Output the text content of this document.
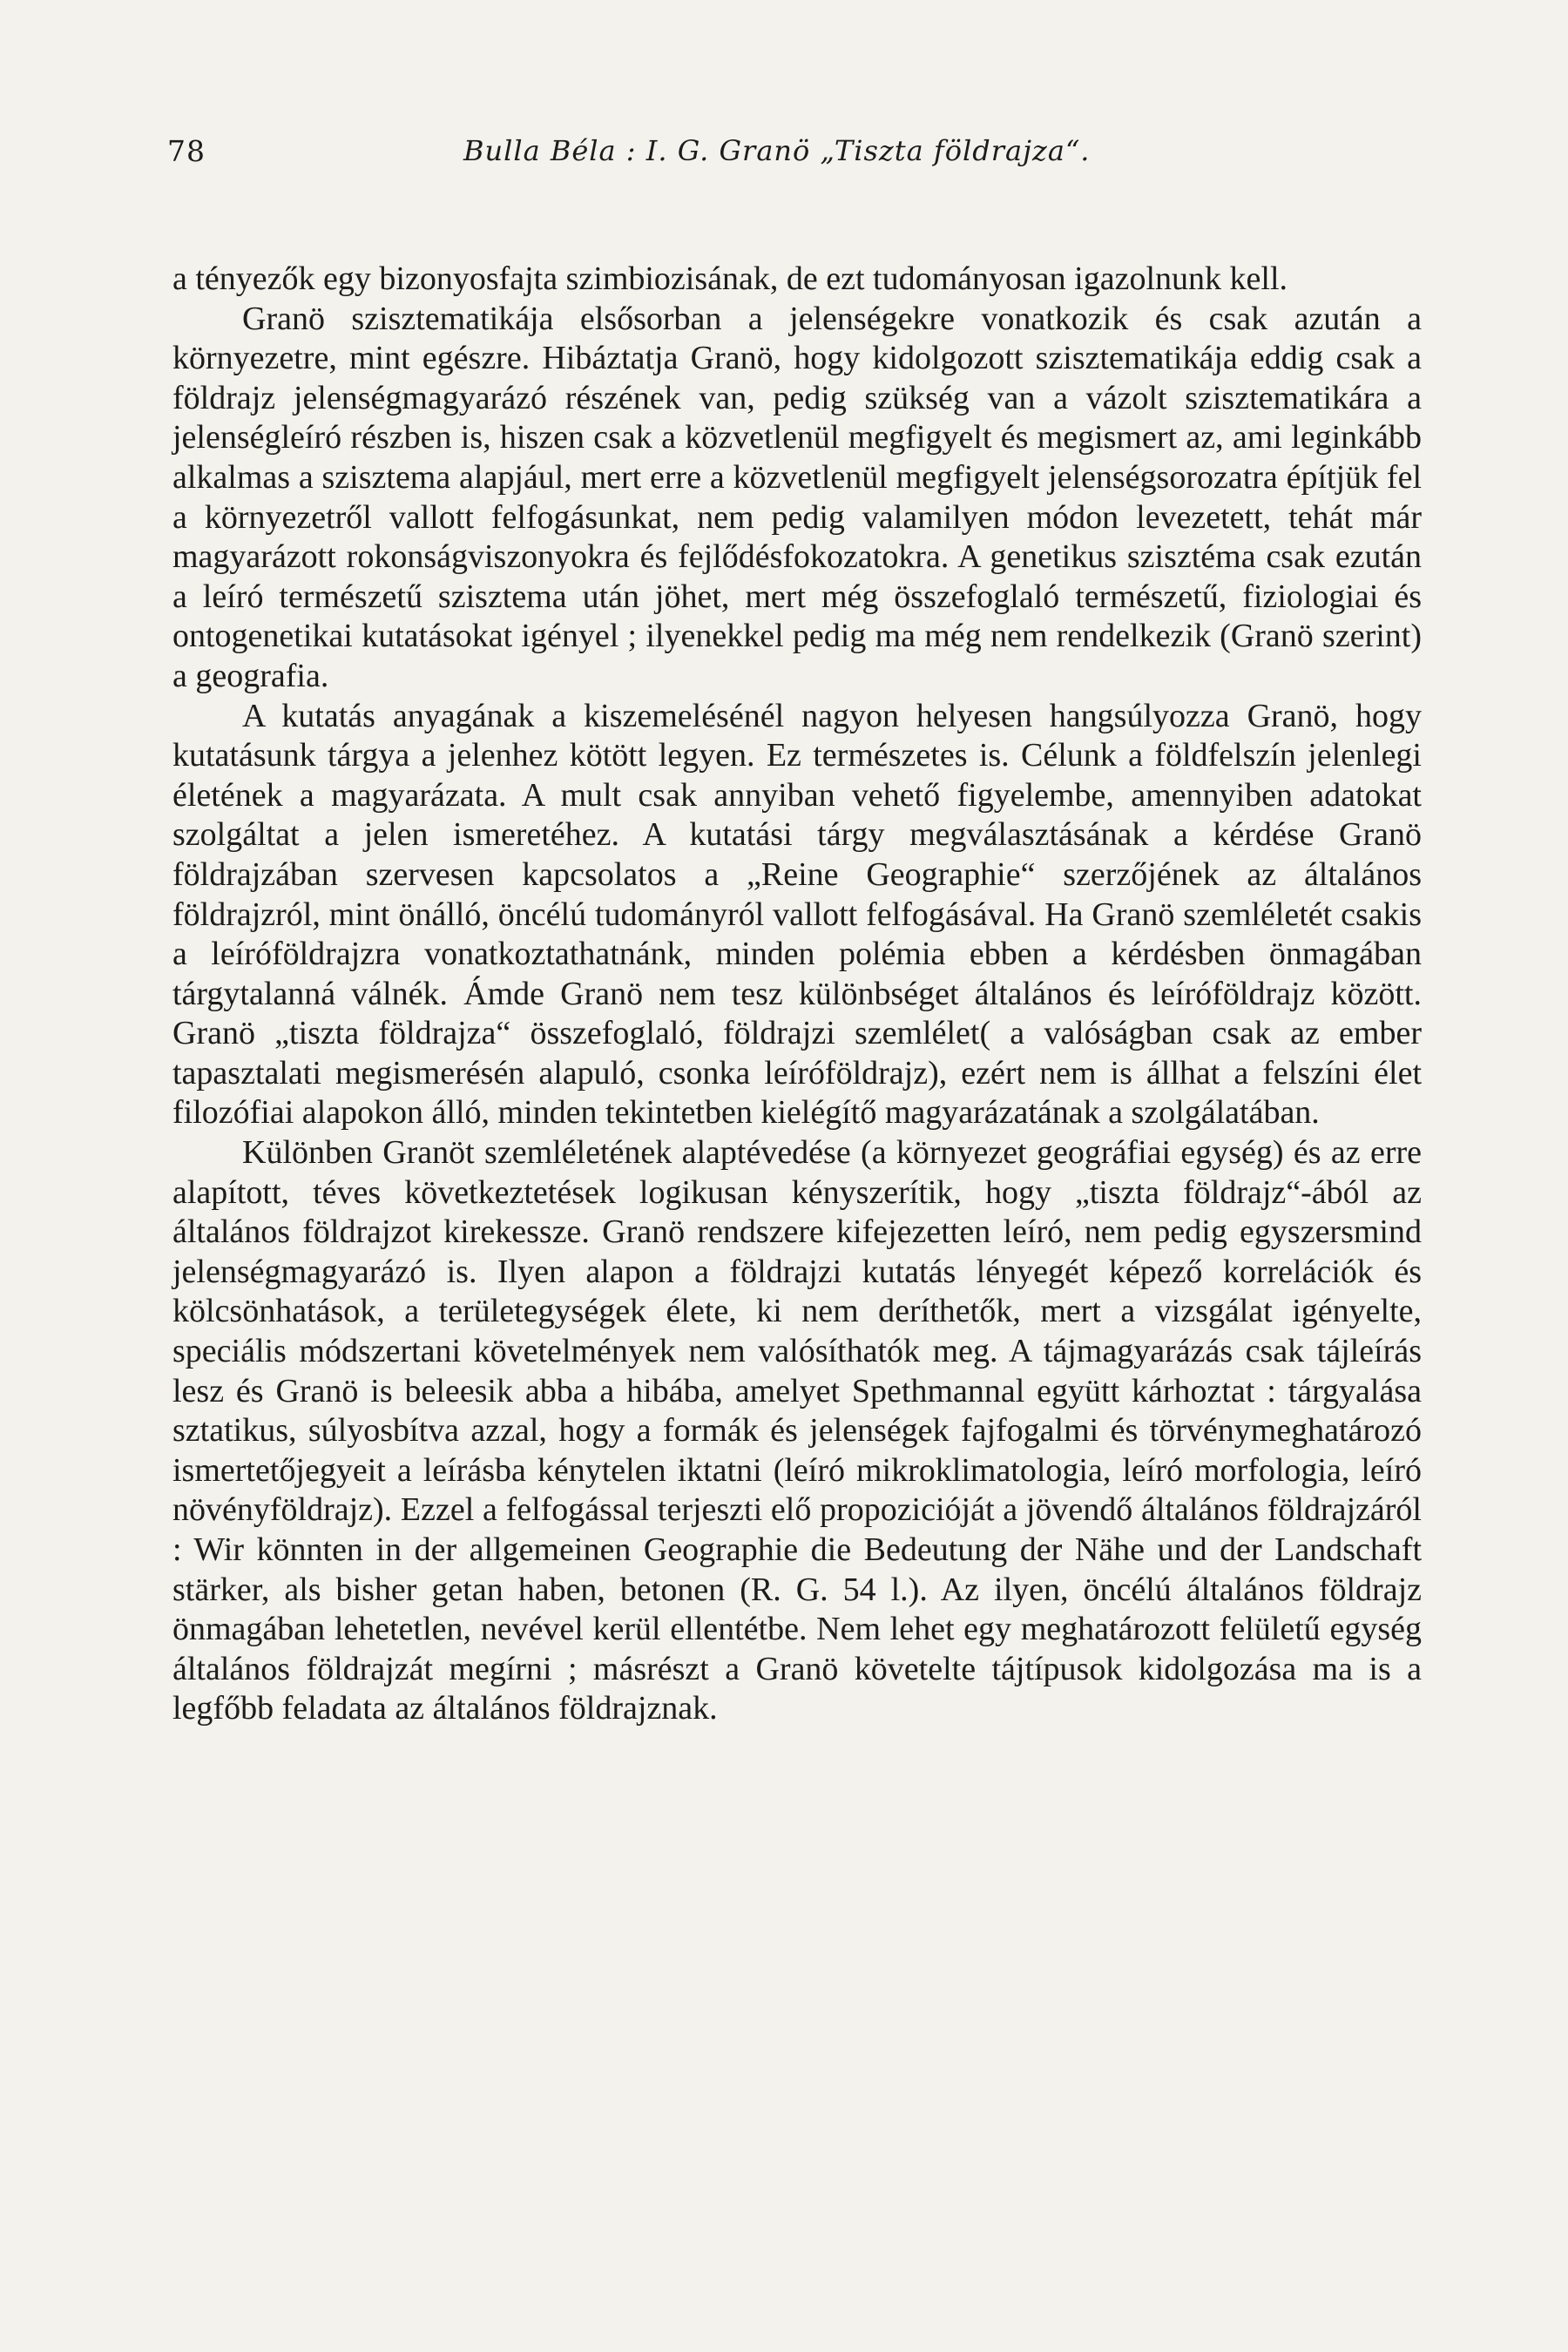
78	Bulla Béla : I. G. Granö „Tiszta földrajza“.

a tényezők egy bizonyosfajta szimbiozisának, de ezt tudományosan igazolnunk kell.

Granö szisztematikája elsősorban a jelenségekre vonatkozik és csak azután a környezetre, mint egészre. Hibáztatja Granö, hogy kidolgozott szisztematikája eddig csak a földrajz jelenségmagyarázó részének van, pedig szükség van a vázolt szisztematikára a jelenségleíró részben is, hiszen csak a közvetlenül megfigyelt és megismert az, ami leginkább alkalmas a szisztema alapjául, mert erre a közvetlenül megfigyelt jelenségsorozatra építjük fel a környezetről vallott felfogásunkat, nem pedig valamilyen módon levezetett, tehát már magyarázott rokonságviszonyokra és fejlődésfokozatokra. A genetikus szisztéma csak ezután a leíró természetű szisztema után jöhet, mert még összefoglaló természetű, fiziologiai és ontogenetikai kutatásokat igényel ; ilyenekkel pedig ma még nem rendelkezik (Granö szerint) a geografia.

A kutatás anyagának a kiszemelésénél nagyon helyesen hangsúlyozza Granö, hogy kutatásunk tárgya a jelenhez kötött legyen. Ez természetes is. Célunk a földfelszín jelenlegi életének a magyarázata. A mult csak annyiban vehető figyelembe, amennyiben adatokat szolgáltat a jelen ismeretéhez. A kutatási tárgy megválasztásának a kérdése Granö földrajzában szervesen kapcsolatos a „Reine Geographie“ szerzőjének az általános földrajzról, mint önálló, öncélú tudományról vallott felfogásával. Ha Granö szemléletét csakis a leíróföldrajzra vonatkoztathatnánk, minden polémia ebben a kérdésben önmagában tárgytalanná válnék. Ámde Granö nem tesz különbséget általános és leíróföldrajz között. Granö „tiszta földrajza“ összefoglaló, földrajzi szemlélet( a valóságban csak az ember tapasztalati megismerésén alapuló, csonka leíróföldrajz), ezért nem is állhat a felszíni élet filozófiai alapokon álló, minden tekintetben kielégítő magyarázatának a szolgálatában.

Különben Granöt szemléletének alaptévedése (a környezet geográfiai egység) és az erre alapított, téves következtetések logikusan kényszerítik, hogy „tiszta földrajz“-ából az általános földrajzot kirekessze. Granö rendszere kifejezetten leíró, nem pedig egyszersmind jelenségmagyarázó is. Ilyen alapon a földrajzi kutatás lényegét képező korrelációk és kölcsönhatások, a területegységek élete, ki nem deríthetők, mert a vizsgálat igényelte, speciális módszertani követelmények nem valósíthatók meg. A tájmagyarázás csak tájleírás lesz és Granö is beleesik abba a hibába, amelyet Spethmannal együtt kárhoztat : tárgyalása sztatikus, súlyosbítva azzal, hogy a formák és jelenségek fajfogalmi és törvénymeghatározó ismertetőjegyeit a leírásba kénytelen iktatni (leíró mikroklimatologia, leíró morfologia, leíró növényföldrajz). Ezzel a felfogással terjeszti elő propozicióját a jövendő általános földrajzáról : Wir könnten in der allgemeinen Geographie die Bedeutung der Nähe und der Landschaft stärker, als bisher getan haben, betonen (R. G. 54 l.). Az ilyen, öncélú általános földrajz önmagában lehetetlen, nevével kerül ellentétbe. Nem lehet egy meghatározott felületű egység általános földrajzát megírni ; másrészt a Granö követelte tájtípusok kidolgozása ma is a legfőbb feladata az általános földrajznak.
